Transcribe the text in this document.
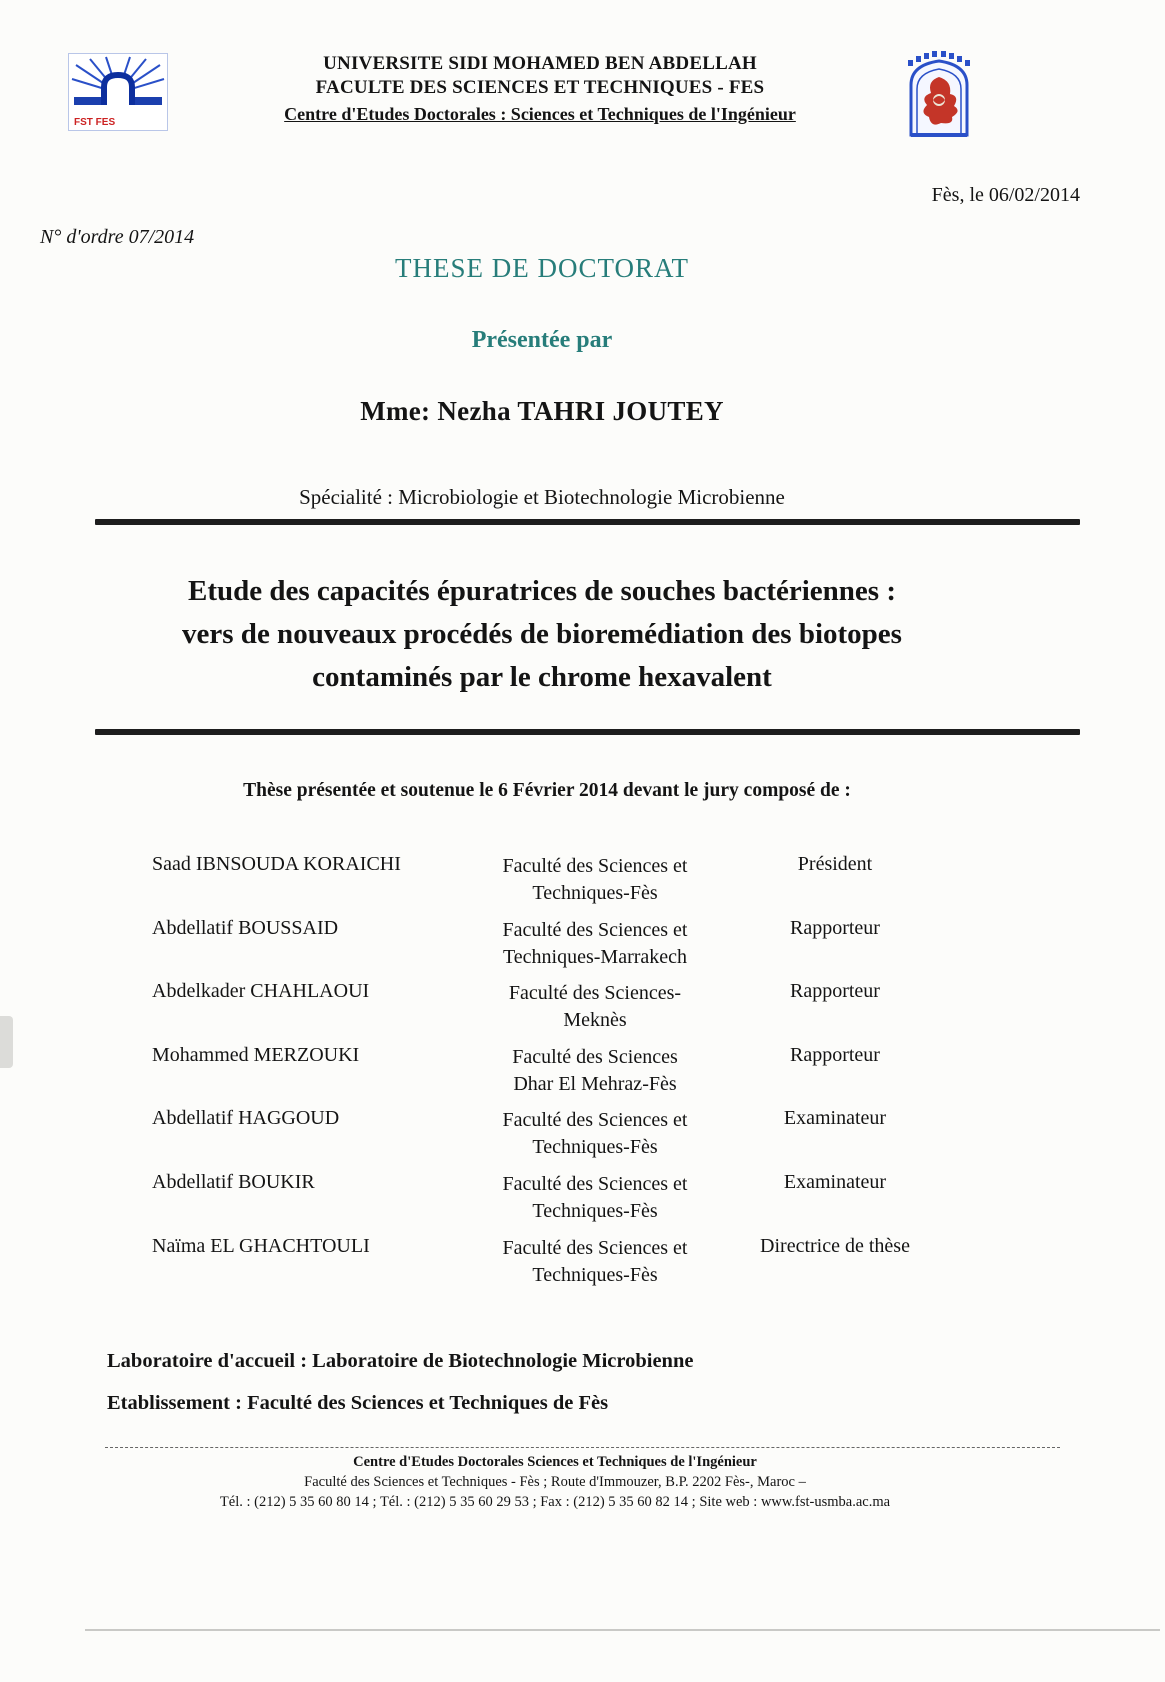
FST FES
UNIVERSITE SIDI MOHAMED BEN ABDELLAH
FACULTE DES SCIENCES ET TECHNIQUES - FES
Centre d'Etudes Doctorales : Sciences et Techniques de l'Ingénieur
Fès, le 06/02/2014
N° d'ordre 07/2014
THESE DE DOCTORAT
Présentée par
Mme: Nezha TAHRI JOUTEY
Spécialité : Microbiologie et Biotechnologie Microbienne
Etude des capacités épuratrices de souches bactériennes :
vers de nouveaux procédés de bioremédiation des biotopes
contaminés par le chrome hexavalent
Thèse présentée et soutenue le 6 Février 2014 devant le jury composé de :
Saad IBNSOUDA KORAICHI	Faculté des Sciences et
Techniques-Fès
Président
Abdellatif BOUSSAID	Faculté des Sciences et
Techniques-Marrakech
Rapporteur
Abdelkader CHAHLAOUI	Faculté des Sciences-
Meknès
Rapporteur
Mohammed MERZOUKI	Faculté des Sciences
Dhar El Mehraz-Fès
Rapporteur
Abdellatif HAGGOUD	Faculté des Sciences et
Techniques-Fès
Examinateur
Abdellatif BOUKIR	Faculté des Sciences et
Techniques-Fès
Examinateur
Naïma EL GHACHTOULI	Faculté des Sciences et
Techniques-Fès
Directrice de thèse
Laboratoire d'accueil : Laboratoire de Biotechnologie Microbienne
Etablissement : Faculté des Sciences et Techniques de Fès
Centre d'Etudes Doctorales Sciences et Techniques de l'Ingénieur
Faculté des Sciences et Techniques - Fès ; Route d'Immouzer, B.P. 2202 Fès-, Maroc –
Tél. : (212) 5 35 60 80 14 ; Tél. : (212) 5 35 60 29 53 ; Fax : (212) 5 35 60 82 14 ; Site web : www.fst-usmba.ac.ma
